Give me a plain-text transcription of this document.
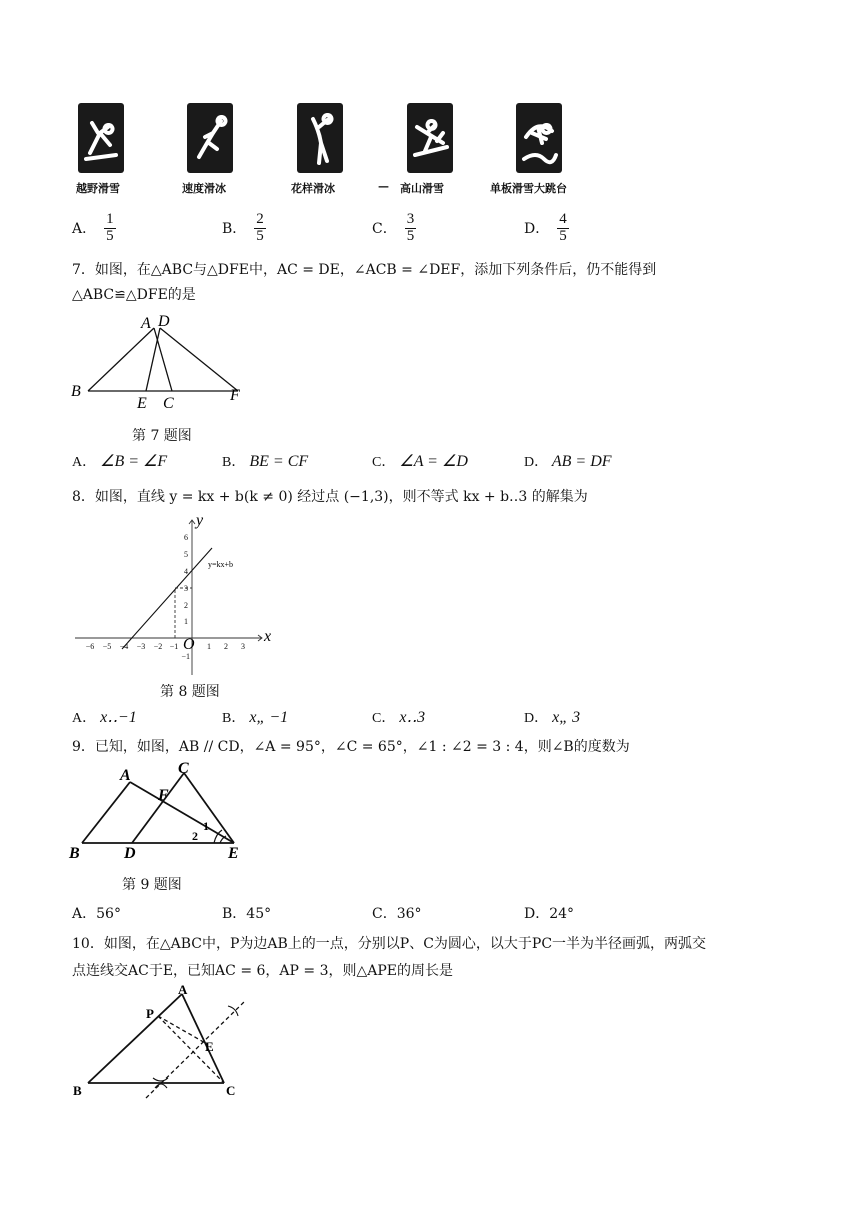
越野滑雪	速度滑冰	花样滑冰	— 高山滑雪	单板滑雪大跳台
A． $\frac{1}{5}$	B． $\frac{2}{5}$	C． $\frac{3}{5}$	D． $\frac{4}{5}$
7．如图，在△ABC与△DFE中，AC = DE，∠ACB = ∠DEF，添加下列条件后，仍不能得到
△ABC≌△DFE的是
A D
B
E C	F
第 7 题图
A． ∠B = ∠F	B． BE = CF	C． ∠A = ∠D	D． AB = DF
8．如图，直线 y = kx + b(k ≠ 0) 经过点 (−1,3)，则不等式 kx + b‥3 的解集为
−6 −5 −4 −3 −2 −1	1 2 3
6
5
4
3
2
1
−1
O	x
y
y=kx+b
第 8 题图
A． x‥−1	B． x„ −1	C． x‥3	D． x„ 3
9．已知，如图，AB // CD，∠A = 95°，∠C = 65°，∠1 : ∠2 = 3 : 4，则∠B的度数为
A	C
F
B	D	E
1
2
第 9 题图
A．56°	B．45°	C．36°	D．24°
10．如图，在△ABC中，P为边AB上的一点，分别以P、C为圆心，以大于PC一半为半径画弧，两弧交
点连线交AC于E，已知AC = 6，AP = 3，则△APE的周长是
P
A
E
B	C
